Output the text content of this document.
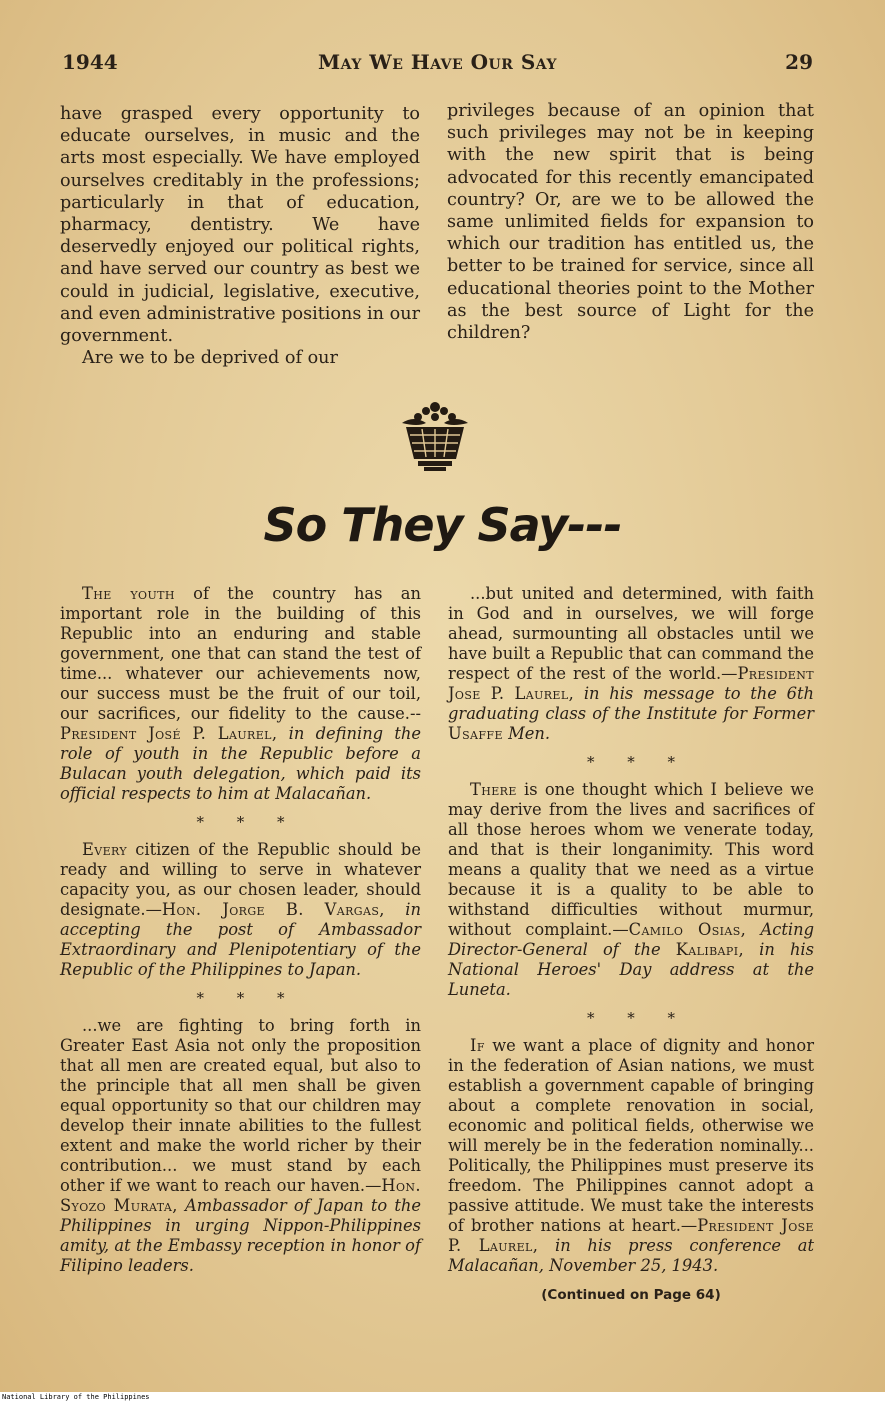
1944	May We Have Our Say	29

have grasped every opportunity to educate ourselves, in music and the arts most especially. We have employed ourselves creditably in the professions; particularly in that of education, pharmacy, dentistry. We have deservedly enjoyed our political rights, and have served our country as best we could in judicial, legislative, executive, and even administrative positions in our government.

Are we to be deprived of our

privileges because of an opinion that such privileges may not be in keeping with the new spirit that is being advocated for this recently emancipated country? Or, are we to be allowed the same unlimited fields for expansion to which our tradition has entitled us, the better to be trained for service, since all educational theories point to the Mother as the best source of Light for the children?

So They Say---

The youth of the country has an important role in the building of this Republic into an enduring and stable government, one that can stand the test of time... whatever our achievements now, our success must be the fruit of our toil, our sacrifices, our fidelity to the cause.--President José P. Laurel, in defining the role of youth in the Republic before a Bulacan youth delegation, which paid its official respects to him at Malacañan.

* * *

Every citizen of the Republic should be ready and willing to serve in whatever capacity you, as our chosen leader, should designate.—Hon. Jorge B. Vargas, in accepting the post of Ambassador Extraordinary and Plenipotentiary of the Republic of the Philippines to Japan.

* * *

...we are fighting to bring forth in Greater East Asia not only the proposition that all men are created equal, but also to the principle that all men shall be given equal opportunity so that our children may develop their innate abilities to the fullest extent and make the world richer by their contribution... we must stand by each other if we want to reach our haven.—Hon. Syozo Murata, Ambassador of Japan to the Philippines in urging Nippon-Philippines amity, at the Embassy reception in honor of Filipino leaders.

...but united and determined, with faith in God and in ourselves, we will forge ahead, surmounting all obstacles until we have built a Republic that can command the respect of the rest of the world.—President Jose P. Laurel, in his message to the 6th graduating class of the Institute for Former Usaffe Men.

* * *

There is one thought which I believe we may derive from the lives and sacrifices of all those heroes whom we venerate today, and that is their longanimity. This word means a quality that we need as a virtue because it is a quality to be able to withstand difficulties without murmur, without complaint.—Camilo Osias, Acting Director-General of the Kalibapi, in his National Heroes' Day address at the Luneta.

* * *

If we want a place of dignity and honor in the federation of Asian nations, we must establish a government capable of bringing about a complete renovation in social, economic and political fields, otherwise we will merely be in the federation nominally... Politically, the Philippines must preserve its freedom. The Philippines cannot adopt a passive attitude. We must take the interests of brother nations at heart.—President Jose P. Laurel, in his press conference at Malacañan, November 25, 1943.

(Continued on Page 64)
National Library of the Philippines
